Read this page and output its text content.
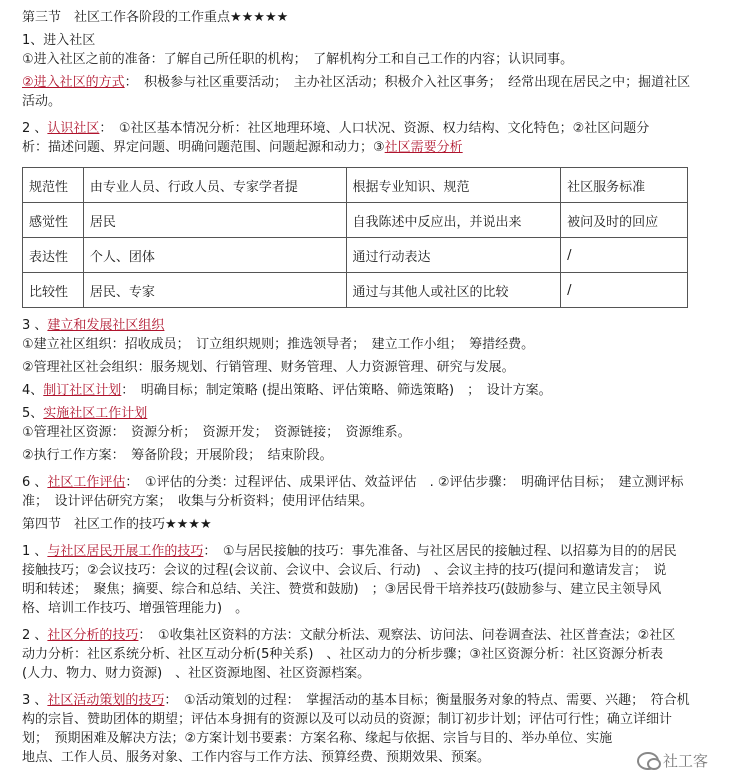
第三节　社区工作各阶段的工作重点★★★★★

1、进入社区

①进入社区之前的准备：了解自己所任职的机构；　了解机构分工和自己工作的内容；认识同事。

②进入社区的方式：　积极参与社区重要活动；　主办社区活动；积极介入社区事务；　经常出现在居民之中；掘道社区

活动。

2 、认识社区：　①社区基本情况分析：社区地理环境、人口状况、资源、权力结构、文化特色；②社区问题分

析：描述问题、界定问题、明确问题范围、问题起源和动力；③社区需要分析

规范性	由专业人员、行政人员、专家学者提	根据专业知识、规范	社区服务标准
感觉性	居民	自我陈述中反应出，并说出来	被问及时的回应
表达性	个人、团体	通过行动表达	/
比较性	居民、专家	通过与其他人或社区的比较	/

3 、建立和发展社区组织

①建立社区组织：招收成员；　订立组织规则；推选领导者；　建立工作小组；　筹措经费。

②管理社区社会组织：服务规划、行销管理、财务管理、人力资源管理、研究与发展。

4、制订社区计划：　明确目标；制定策略 (提出策略、评估策略、筛选策略)　；　设计方案。

5、实施社区工作计划

①管理社区资源：　资源分析；　资源开发；　资源链接；　资源维系。

②执行工作方案：　筹备阶段；开展阶段；　结束阶段。

6 、社区工作评估：　①评估的分类：过程评估、成果评估、效益评估　. ②评估步骤：　明确评估目标；　建立测评标

准；　设计评估研究方案；　收集与分析资料；使用评估结果。

第四节　社区工作的技巧★★★★

1 、与社区居民开展工作的技巧：　①与居民接触的技巧：事先准备、与社区居民的接触过程、以招募为目的的居民

接触技巧；②会议技巧：会议的过程(会议前、会议中、会议后、行动)　、会议主持的技巧(提问和邀请发言；　说

明和转述；　聚焦；摘要、综合和总结、关注、赞赏和鼓励)　；③居民骨干培养技巧(鼓励参与、建立民主领导风

格、培训工作技巧、增强管理能力)　。

2 、社区分析的技巧：　①收集社区资料的方法：文献分析法、观察法、访问法、问卷调查法、社区普查法；②社区

动力分析：社区系统分析、社区互动分析(5种关系)　、社区动力的分析步骤；③社区资源分析：社区资源分析表

(人力、物力、财力资源)　、社区资源地图、社区资源档案。

3 、社区活动策划的技巧：　①活动策划的过程：　掌握活动的基本目标；衡量服务对象的特点、需要、兴趣；　符合机

构的宗旨、赞助团体的期望；评估本身拥有的资源以及可以动员的资源；制订初步计划；评估可行性；确立详细计

划；　预期困难及解决方法；②方案计划书要素：方案名称、缘起与依据、宗旨与目的、举办单位、实施

地点、工作人员、服务对象、工作内容与工作方法、预算经费、预期效果、预案。	社工客
